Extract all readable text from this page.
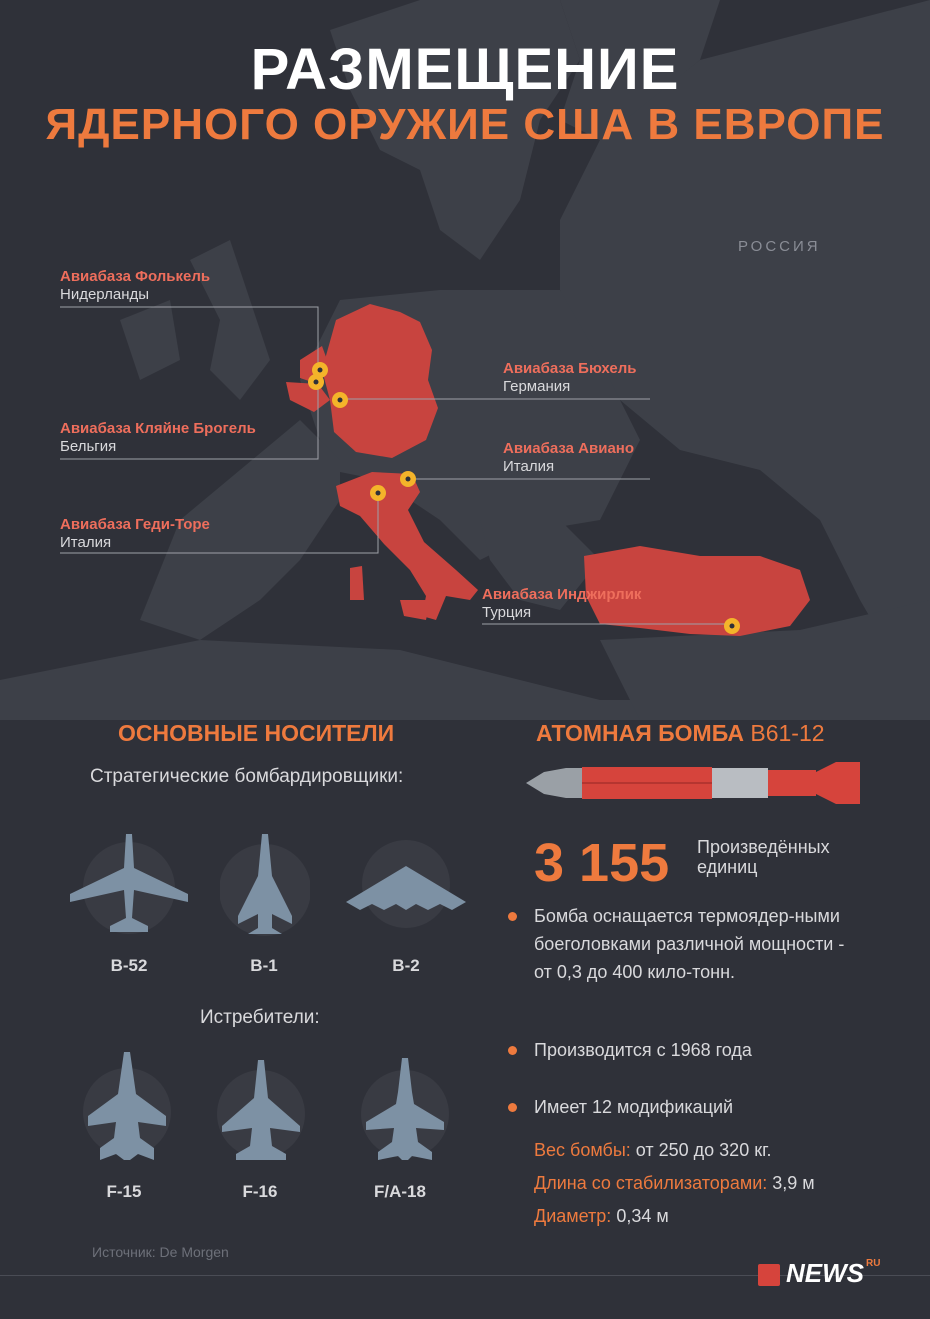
РАЗМЕЩЕНИЕ
ЯДЕРНОГО ОРУЖИЕ США В ЕВРОПЕ
РОССИЯ
Авиабаза Фолькель
Нидерланды
Авиабаза Бюхель
Германия
Авиабаза Кляйне Брогель
Бельгия	Авиабаза Авиано
Италия
Авиабаза Геди-Торе
Италия
Авиабаза Инджирлик
Турция
ОСНОВНЫЕ НОСИТЕЛИ
Стратегические бомбардировщики:
B-52	B-1	B-2
Истребители:
F-15	F-16	F/A-18
АТОМНАЯ БОМБА B61-12
3 155 Произведённых единиц
Бомба оснащается термоядер-ными боеголовками различной мощности - от 0,3 до 400 кило-тонн.
Производится с 1968 года
Имеет 12 модификаций
Вес бомбы: от 250 до 320 кг.
Длина со стабилизаторами: 3,9 м
Диаметр: 0,34 м
Источник: De Morgen
NEWS $^{RU}$
